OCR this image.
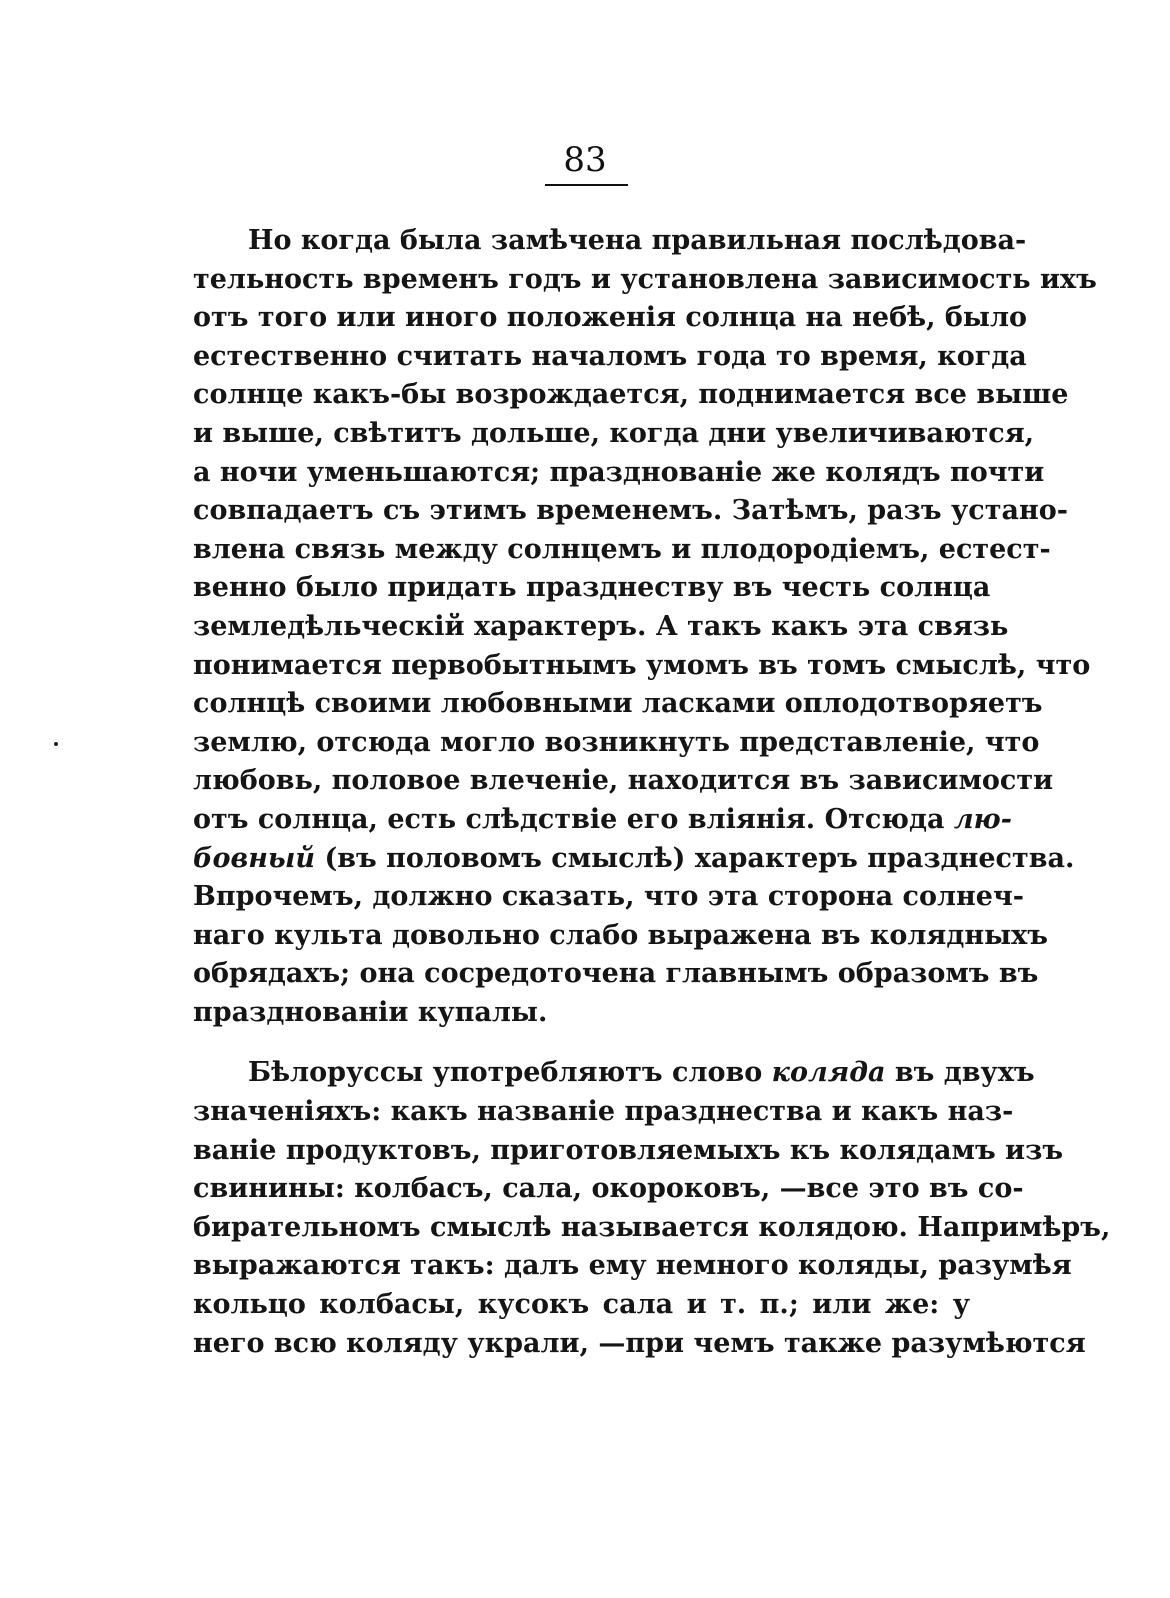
83

Но когда была замѣчена правильная послѣдова-
тельность временъ годъ и установлена зависимость ихъ
отъ того или иного положенія солнца на небѣ, было
естественно считать началомъ года то время, когда
солнце какъ-бы возрождается, поднимается все выше
и выше, свѣтитъ дольше, когда дни увеличиваются,
а ночи уменьшаются; празднованіе же колядъ почти
совпадаетъ съ этимъ временемъ. Затѣмъ, разъ устано-
влена связь между солнцемъ и плодородіемъ, естест-
венно было придать празднеству въ честь солнца
земледѣльческій характеръ. А такъ какъ эта связь
понимается первобытнымъ умомъ въ томъ смыслѣ, что
солнцѣ своими любовными ласками оплодотворяетъ
землю, отсюда могло возникнуть представленіе, что
любовь, половое влеченіе, находится въ зависимости
отъ солнца, есть слѣдствіе его вліянія. Отсюда лю-
бовный (въ половомъ смыслѣ) характеръ празднества.
Впрочемъ, должно сказать, что эта сторона солнеч-
наго культа довольно слабо выражена въ колядныхъ
обрядахъ; она сосредоточена главнымъ образомъ въ
празднованіи купалы.

Бѣлоруссы употребляютъ слово коляда въ двухъ
значеніяхъ: какъ названіе празднества и какъ наз-
ваніе продуктовъ, приготовляемыхъ къ колядамъ изъ
свинины: колбасъ, сала, окороковъ, —все это въ со-
бирательномъ смыслѣ называется колядою. Напримѣръ,
выражаются такъ: далъ ему немного коляды, разумѣя
кольцо колбасы, кусокъ сала и т. п.; или же: у
него всю коляду украли, —при чемъ также разумѣются
